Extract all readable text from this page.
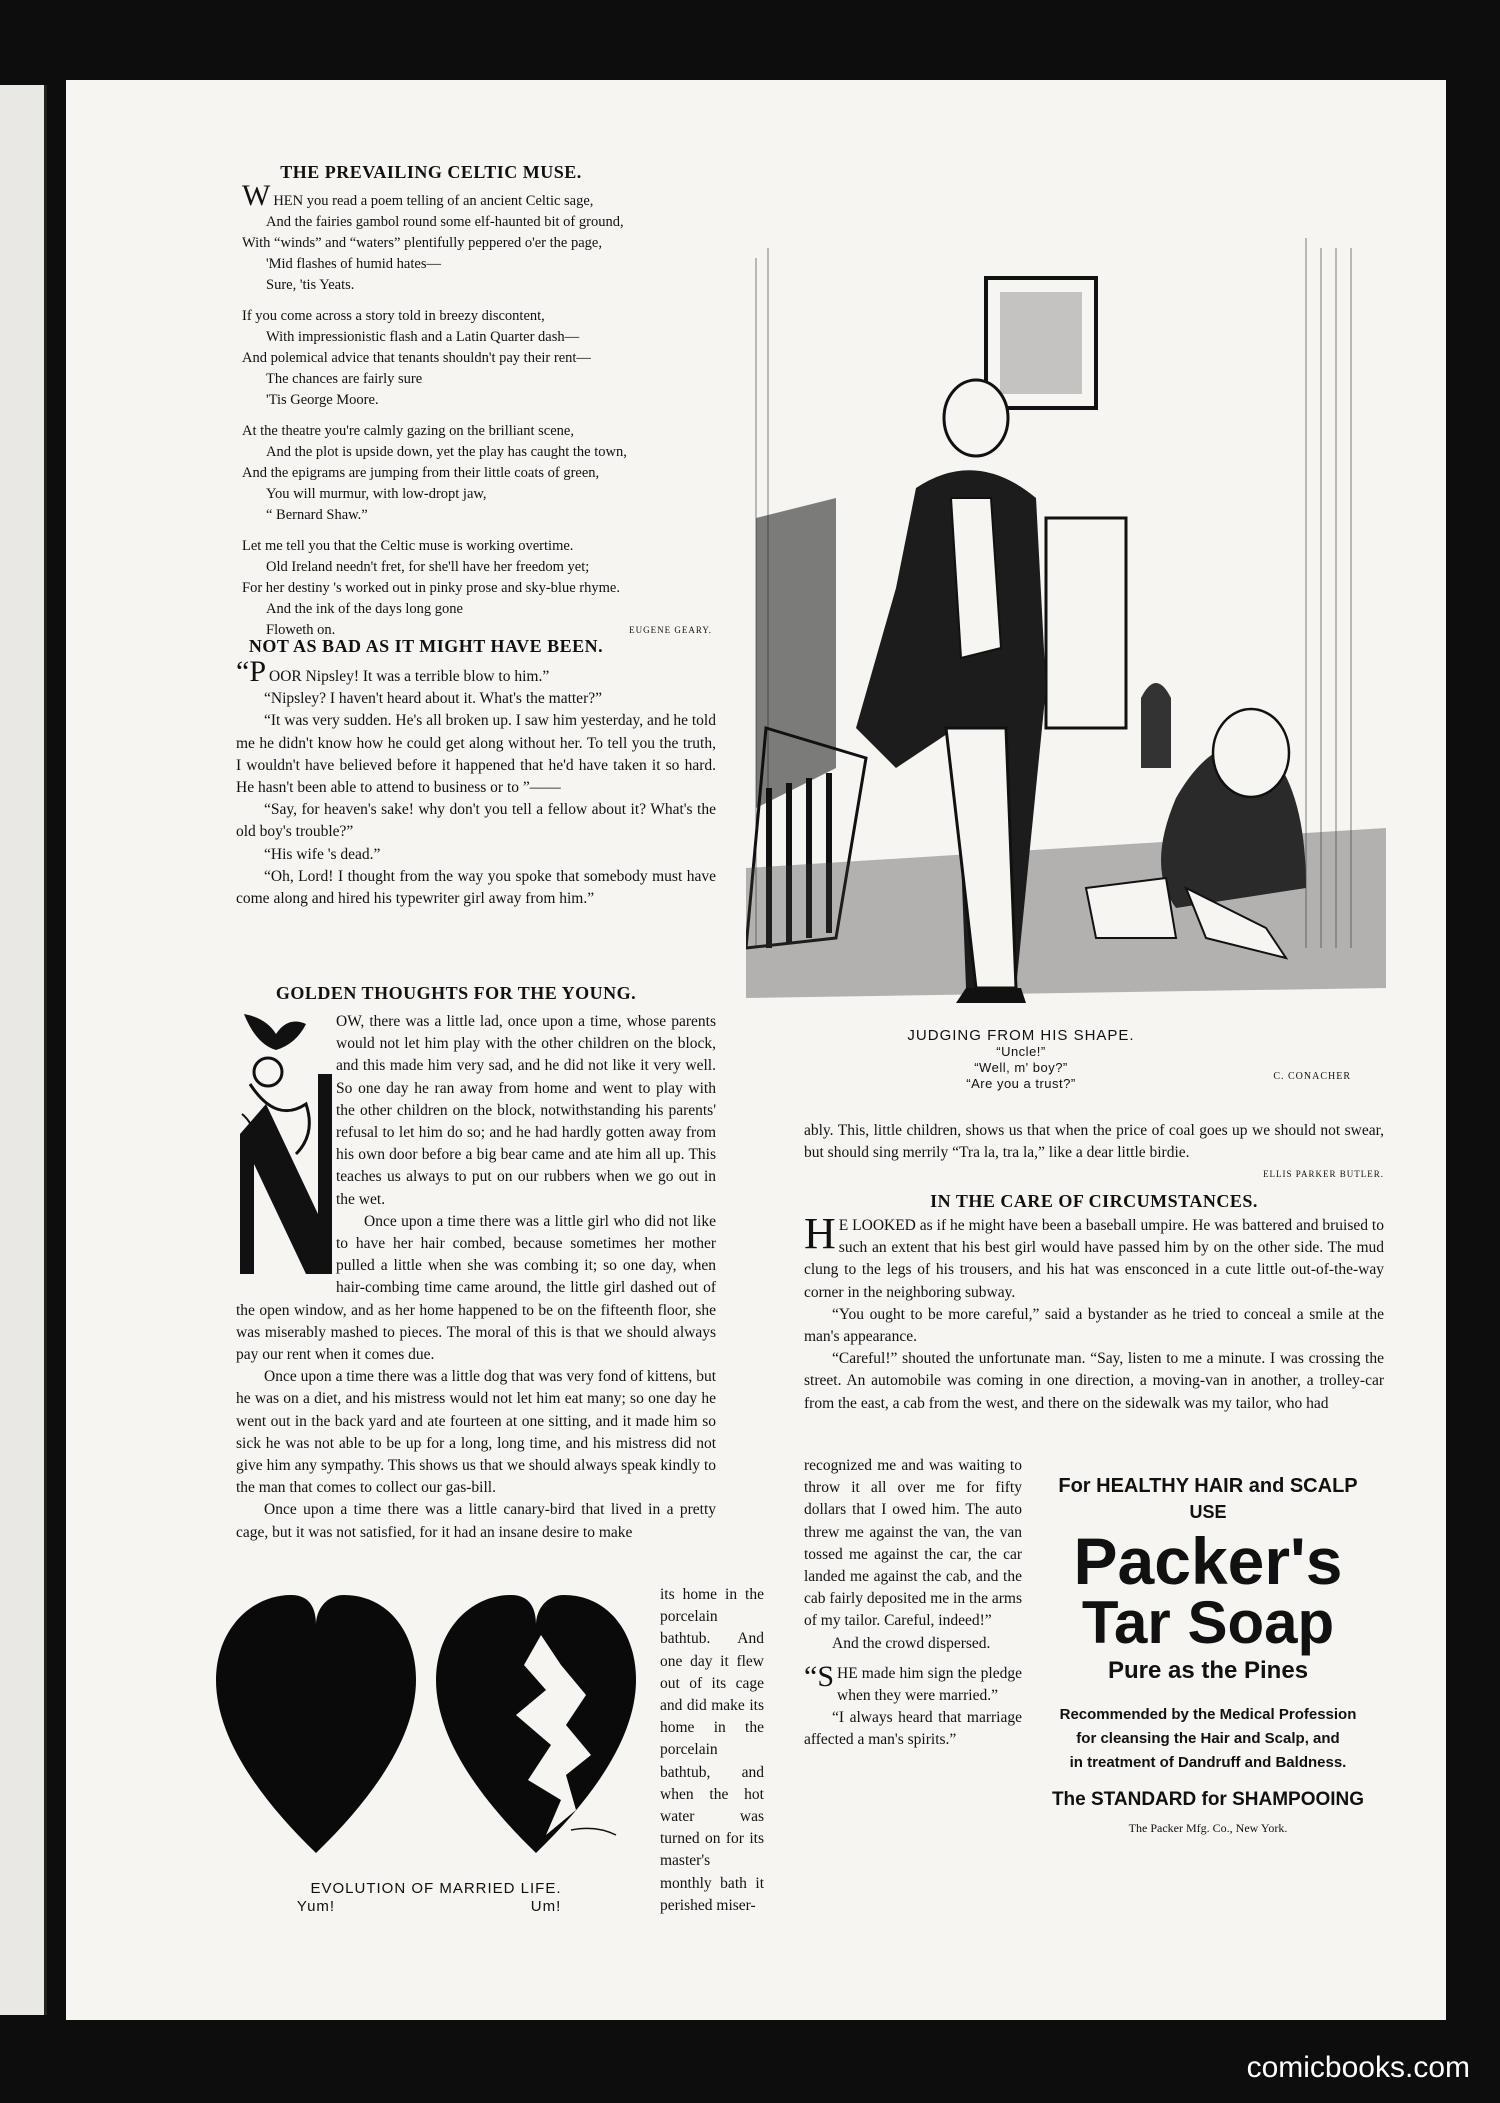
THE PREVAILING CELTIC MUSE.
WHEN you read a poem telling of an ancient Celtic sage,
And the fairies gambol round some elf-haunted bit of ground,
With “winds” and “waters” plentifully peppered o'er the page,
'Mid flashes of humid hates—
Sure, 'tis Yeats.
If you come across a story told in breezy discontent,
With impressionistic flash and a Latin Quarter dash—
And polemical advice that tenants shouldn't pay their rent—
The chances are fairly sure
'Tis George Moore.
At the theatre you're calmly gazing on the brilliant scene,
And the plot is upside down, yet the play has caught the town,
And the epigrams are jumping from their little coats of green,
You will murmur, with low-dropt jaw,
“ Bernard Shaw.”
Let me tell you that the Celtic muse is working overtime.
Old Ireland needn't fret, for she'll have her freedom yet;
For her destiny 's worked out in pinky prose and sky-blue rhyme.
And the ink of the days long gone
Floweth on.	EUGENE GEARY.
NOT AS BAD AS IT MIGHT HAVE BEEN.

“POOR Nipsley! It was a terrible blow to him.”

“Nipsley? I haven't heard about it. What's the matter?”

“It was very sudden. He's all broken up. I saw him yesterday, and he told me he didn't know how he could get along without her. To tell you the truth, I wouldn't have believed before it happened that he'd have taken it so hard. He hasn't been able to attend to business or to ”——

“Say, for heaven's sake! why don't you tell a fellow about it? What's the old boy's trouble?”

“His wife 's dead.”

“Oh, Lord! I thought from the way you spoke that somebody must have come along and hired his typewriter girl away from him.”

GOLDEN THOUGHTS FOR THE YOUNG.

OW, there was a little lad, once upon a time, whose parents would not let him play with the other children on the block, and this made him very sad, and he did not like it very well. So one day he ran away from home and went to play with the other children on the block, notwithstanding his parents' refusal to let him do so; and he had hardly gotten away from his own door before a big bear came and ate him all up. This teaches us always to put on our rubbers when we go out in the wet.

Once upon a time there was a little girl who did not like to have her hair combed, because sometimes her mother pulled a little when she was combing it; so one day, when hair-combing time came around, the little girl dashed out of the open window, and as her home happened to be on the fifteenth floor, she was miserably mashed to pieces. The moral of this is that we should always pay our rent when it comes due.

Once upon a time there was a little dog that was very fond of kittens, but he was on a diet, and his mistress would not let him eat many; so one day he went out in the back yard and ate fourteen at one sitting, and it made him so sick he was not able to be up for a long, long time, and his mistress did not give him any sympathy. This shows us that we should always speak kindly to the man that comes to collect our gas-bill.

Once upon a time there was a little canary-bird that lived in a pretty cage, but it was not satisfied, for it had an insane desire to make

its home in the porcelain bathtub. And one day it flew out of its cage and did make its home in the porcelain bathtub, and when the hot water was turned on for its master's monthly bath it perished miser-
EVOLUTION OF MARRIED LIFE.
Yum!	Um!
C. CONACHER
JUDGING FROM HIS SHAPE.
“Uncle!”
“Well, m' boy?”
“Are you a trust?”

ably. This, little children, shows us that when the price of coal goes up we should not swear, but should sing merrily “Tra la, tra la,” like a dear little birdie.

ELLIS PARKER BUTLER.
IN THE CARE OF CIRCUMSTANCES.

H E LOOKED as if he might have been a baseball umpire. He was battered and bruised to such an extent that his best girl would have passed him by on the other side. The mud clung to the legs of his trousers, and his hat was ensconced in a cute little out-of-the-way corner in the neighboring subway.

“You ought to be more careful,” said a bystander as he tried to conceal a smile at the man's appearance.

“Careful!” shouted the unfortunate man. “Say, listen to me a minute. I was crossing the street. An automobile was coming in one direction, a moving-van in another, a trolley-car from the east, a cab from the west, and there on the sidewalk was my tailor, who had

recognized me and was waiting to throw it all over me for fifty dollars that I owed him. The auto threw me against the van, the van tossed me against the car, the car landed me against the cab, and the cab fairly deposited me in the arms of my tailor. Careful, indeed!”

And the crowd dispersed.

“SHE made him sign the pledge when they were married.”

“I always heard that marriage affected a man's spirits.”

For HEALTHY HAIR and SCALP
USE
Packer's
Tar Soap
Pure as the Pines
Recommended by the Medical Profession
for cleansing the Hair and Scalp, and
in treatment of Dandruff and Baldness.
The STANDARD for SHAMPOOING
The Packer Mfg. Co., New York.
comicbooks.com
